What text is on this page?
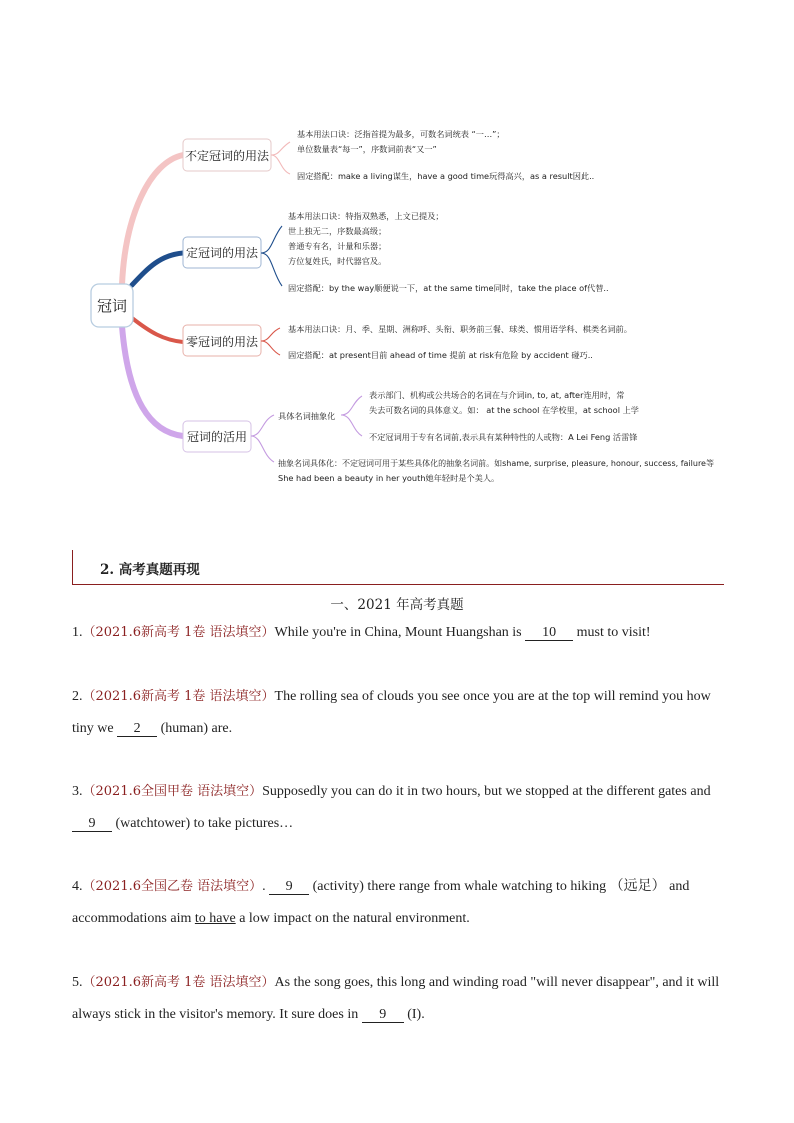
冠词
不定冠词的用法
定冠词的用法
零冠词的用法
冠词的活用
基本用法口诀：泛指首提为最多，可数名词统表 “一…”；
单位数量表“每一”，序数词前表“又一”
固定搭配：make a living谋生，have a good time玩得高兴，as a result因此..
基本用法口诀：特指双熟悉，上文已提及；
世上独无二，序数最高级；
普通专有名，计量和乐器；
方位复姓氏，时代器官及。
固定搭配：by the way顺便说一下，at the same time同时，take the place of代替..
基本用法口诀：月、季、星期、洲称呼、头衔、职务前三餐、球类、惯用语学科、棋类名词前。
固定搭配：at present目前 ahead of time 提前 at risk有危险 by accident 碰巧..
具体名词抽象化
表示部门、机构或公共场合的名词在与介词in, to, at, after连用时，常
失去可数名词的具体意义。如： at the school 在学校里，at school 上学
不定冠词用于专有名词前,表示具有某种特性的人或物：A Lei Feng 活雷锋
抽象名词具体化：不定冠词可用于某些具体化的抽象名词前。如shame, surprise, pleasure, honour, success, failure等
She had been a beauty in her youth她年轻时是个美人。
2. 高考真题再现
一、2021 年高考真题
1.（2021.6新高考 1卷 语法填空）While you're in China, Mount Huangshan is 10 must to visit!
2.（2021.6新高考 1卷 语法填空）The rolling sea of clouds you see once you are at the top will remind you how tiny we 2 (human) are.
3.（2021.6全国甲卷 语法填空）Supposedly you can do it in two hours, but we stopped at the different gates and 9 (watchtower) to take pictures…
4.（2021.6全国乙卷 语法填空）. 9 (activity) there range from whale watching to hiking （远足） and accommodations aim to have a low impact on the natural environment.
5.（2021.6新高考 1卷 语法填空）As the song goes, this long and winding road "will never disappear", and it will always stick in the visitor's memory. It sure does in 9 (I).
